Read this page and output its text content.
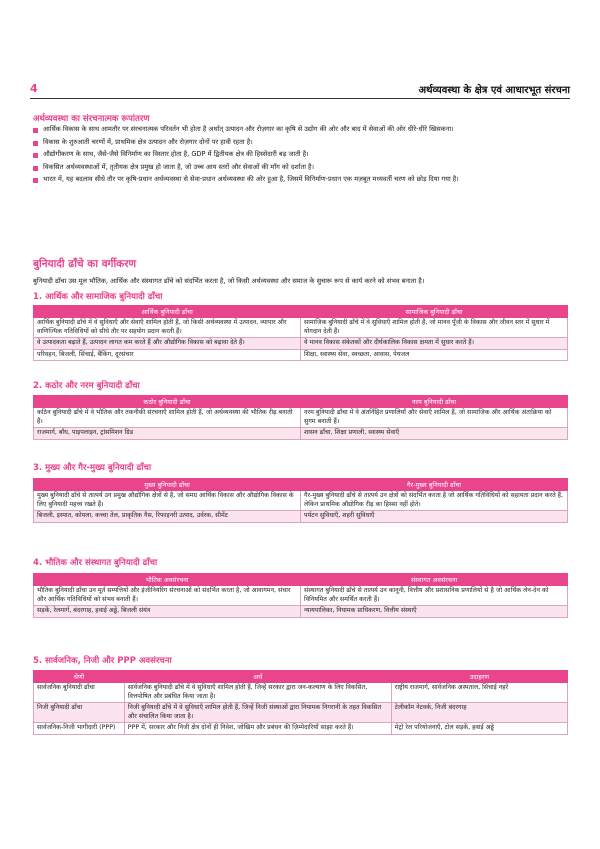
4	अर्थव्यवस्था के क्षेत्र एवं आधारभूत संरचना
अर्थव्यवस्था का संरचनात्मक रूपांतरण
आर्थिक विकास के साथ आमतौर पर संरचनात्मक परिवर्तन भी होता है अर्थात् उत्पादन और रोज़गार का कृषि से उद्योग की ओर और बाद में सेवाओं की ओर धीरे-धीरे खिसकना।
विकास के शुरुआती चरणों में, प्राथमिक क्षेत्र उत्पादन और रोज़गार दोनों पर हावी रहता है।
औद्योगीकरण के साथ, जैसे-जैसे विनिर्माण का विस्तार होता है, GDP में द्वितीयक क्षेत्र की हिस्सेदारी बढ़ जाती है।
विकसित अर्थव्यवस्थाओं में, तृतीयक क्षेत्र प्रमुख हो जाता है, जो उच्च आय स्तरों और सेवाओं की माँग को दर्शाता है।
भारत में, यह बदलाव सीधे तौर पर कृषि-प्रधान अर्थव्यवस्था से सेवा-प्रधान अर्थव्यवस्था की ओर हुआ है, जिसमें विनिर्माण-प्रधान एक मज़बूत मध्यवर्ती चरण को छोड़ दिया गया है।
बुनियादी ढाँचे का वर्गीकरण
बुनियादी ढाँचा उस मूल भौतिक, आर्थिक और संस्थागत ढाँचे को संदर्भित करता है, जो किसी अर्थव्यवस्था और समाज के सुचारू रूप से कार्य करने को संभव बनाता है।
1. आर्थिक और सामाजिक बुनियादी ढाँचा
आर्थिक बुनियादी ढाँचा	सामाजिक बुनियादी ढाँचा
आर्थिक बुनियादी ढाँचे में वे सुविधाएँ और सेवाएँ शामिल होती हैं, जो किसी अर्थव्यवस्था में उत्पादन, व्यापार और वाणिज्यिक गतिविधियों को सीधे तौर पर सहयोग प्रदान करती हैं।	सामाजिक बुनियादी ढाँचे में वे सुविधाएँ शामिल होती हैं, जो मानव पूँजी के विकास और जीवन स्तर में सुधार में योगदान देती हैं।
वे उत्पादकता बढ़ाते हैं, उत्पादन लागत कम करते हैं और औद्योगिक विकास को बढ़ावा देते हैं।	वे मानव विकास संकेतकों और दीर्घकालिक विकास क्षमता में सुधार करते हैं।
परिवहन, बिजली, सिंचाई, बैंकिंग, दूरसंचार	शिक्षा, स्वास्थ्य सेवा, स्वच्छता, आवास, पेयजल
2. कठोर और नरम बुनियादी ढाँचा
कठोर बुनियादी ढाँचा	नरम बुनियादी ढाँचा
कठिन बुनियादी ढाँचे में वे भौतिक और तकनीकी संरचनाएँ शामिल होती हैं, जो अर्थव्यवस्था की भौतिक रीढ़ बनाती हैं।	नरम बुनियादी ढाँचा में वे अंतर्निहित प्रणालियाँ और सेवाएँ शामिल हैं, जो सामाजिक और आर्थिक अंतःक्रिया को सुगम बनाती हैं।
राजमार्ग, बाँध, पाइपलाइन, ट्रांसमिशन ग्रिड	शासन ढाँचा, शिक्षा प्रणाली, स्वास्थ्य सेवाएँ
3. मुख्य और गैर-मुख्य बुनियादी ढाँचा
मुख्य बुनियादी ढाँचा	गैर-मुख्य बुनियादी ढाँचा
मुख्य बुनियादी ढाँचे से तात्पर्य उन प्रमुख औद्योगिक क्षेत्रों से है, जो समग्र आर्थिक विकास और औद्योगिक विकास के लिए बुनियादी महत्त्व रखते हैं।	गैर-मुख्य बुनियादी ढाँचे से तात्पर्य उन क्षेत्रों को संदर्भित करता है जो आर्थिक गतिविधियों को सहायता प्रदान करते हैं, लेकिन प्राथमिक औद्योगिक रीढ़ का हिस्सा नहीं होते।
बिजली, इस्पात, कोयला, कच्चा तेल, प्राकृतिक गैस, रिफाइनरी उत्पाद, उर्वरक, सीमेंट	पर्यटन सुविधाएँ, शहरी सुविधाएँ
4. भौतिक और संस्थागत बुनियादी ढाँचा
भौतिक अवसंरचना	संस्थागत अवसंरचना
भौतिक बुनियादी ढाँचा उन मूर्त सम्पत्तियों और इंजीनियरिंग संरचनाओं को संदर्भित करता है, जो आवागमन, संचार और आर्थिक गतिविधियों को संभव बनाती हैं।	संस्थागत बुनियादी ढाँचे से तात्पर्य उन कानूनी, वित्तीय और प्रशासनिक प्रणालियों से है जो आर्थिक लेन-देन को विनियमित और समर्थित करती हैं।
सड़कें, रेलमार्ग, बंदरगाह, हवाई अड्डे, बिजली संयंत्र	न्यायपालिका, नियामक प्राधिकरण, वित्तीय संस्थाएँ
5. सार्वजनिक, निजी और PPP अवसंरचना
श्रेणी	अर्थ	उदाहरण
सार्वजनिक बुनियादी ढाँचा	सार्वजनिक बुनियादी ढाँचे में वे सुविधाएँ शामिल होती हैं, जिन्हें सरकार द्वारा जन-कल्याण के लिए विकसित, वित्तपोषित और प्रबंधित किया जाता है।	राष्ट्रीय राजमार्ग, सार्वजनिक अस्पताल, सिंचाई नहरें
निजी बुनियादी ढाँचा	निजी बुनियादी ढाँचे में वे सुविधाएँ शामिल होती हैं, जिन्हें निजी संस्थाओं द्वारा नियामक निगरानी के तहत विकसित और संचालित किया जाता है।	टेलीकॉम नेटवर्क, निजी बंदरगाह
सार्वजनिक-निजी भागीदारी (PPP)	PPP में, सरकार और निजी क्षेत्र दोनों ही निवेश, जोखिम और प्रबंधन की ज़िम्मेदारियाँ साझा करते हैं।	मेट्रो रेल परियोजनाएँ, टोल सड़कें, हवाई अड्डे
